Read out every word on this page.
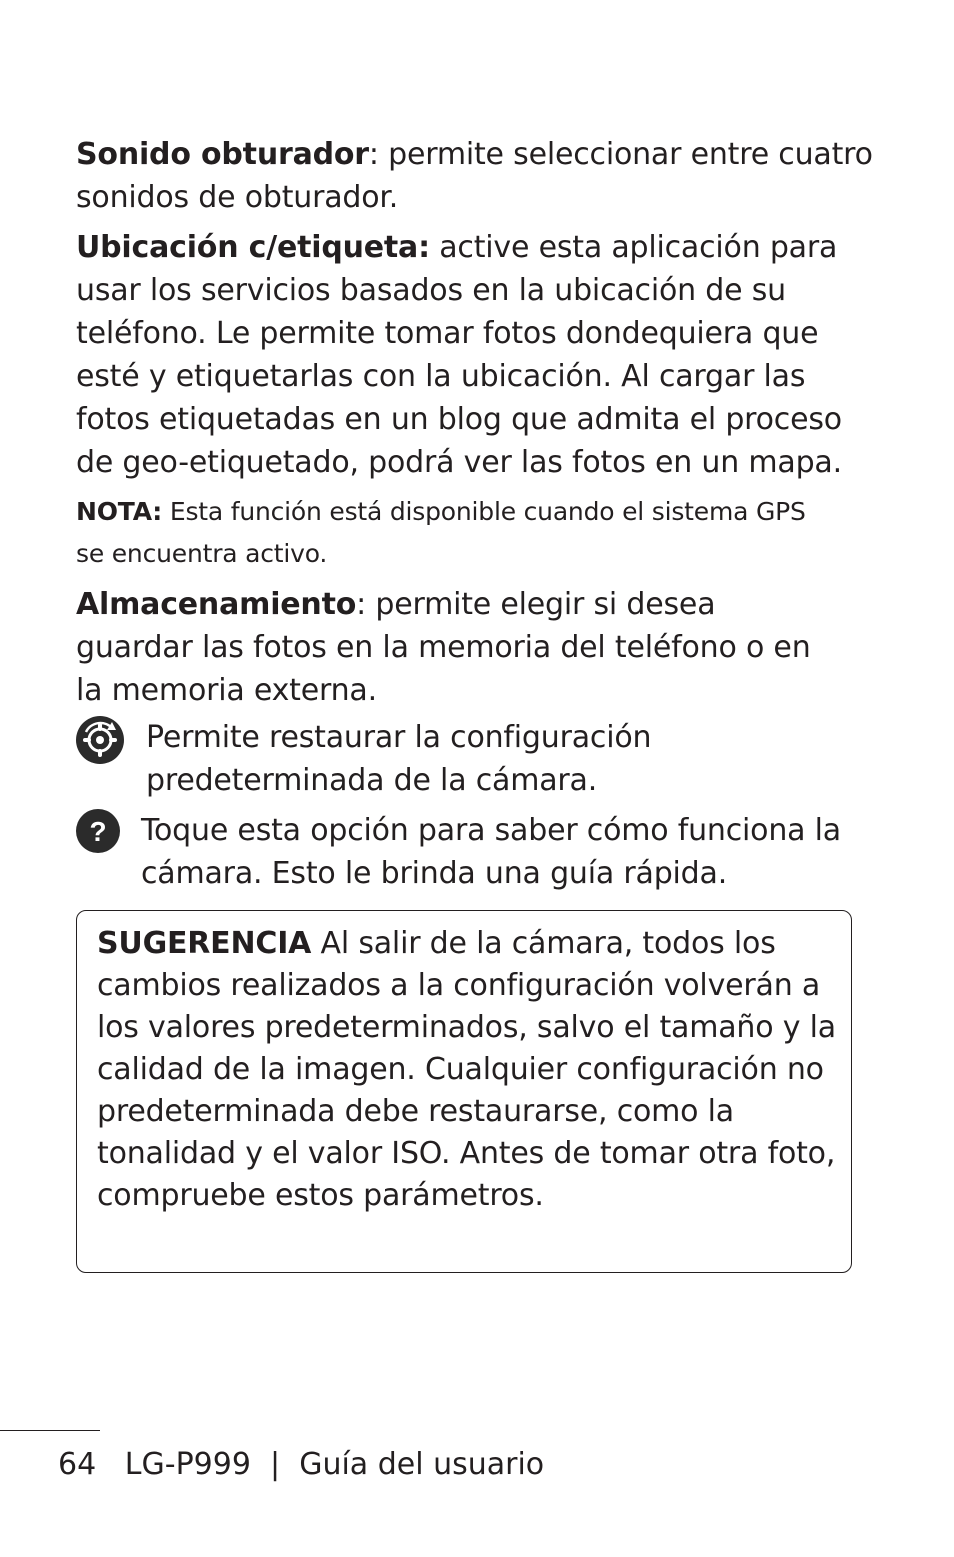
Sonido obturador: permite seleccionar entre cuatro sonidos de obturador.
Ubicación c/etiqueta: active esta aplicación para usar los servicios basados en la ubicación de su teléfono. Le permite tomar fotos dondequiera que esté y etiquetarlas con la ubicación. Al cargar las fotos etiquetadas en un blog que admita el proceso de geo-etiquetado, podrá ver las fotos en un mapa.
NOTA: Esta función está disponible cuando el sistema GPS se encuentra activo.
Almacenamiento: permite elegir si desea guardar las fotos en la memoria del teléfono o en la memoria externa.
Permite restaurar la configuración predeterminada de la cámara.
? Toque esta opción para saber cómo funciona la cámara. Esto le brinda una guía rápida.
SUGERENCIA Al salir de la cámara, todos los cambios realizados a la configuración volverán a los valores predeterminados, salvo el tamaño y la calidad de la imagen. Cualquier configuración no predeterminada debe restaurarse, como la tonalidad y el valor ISO. Antes de tomar otra foto, compruebe estos parámetros.
64 LG-P999 | Guía del usuario
